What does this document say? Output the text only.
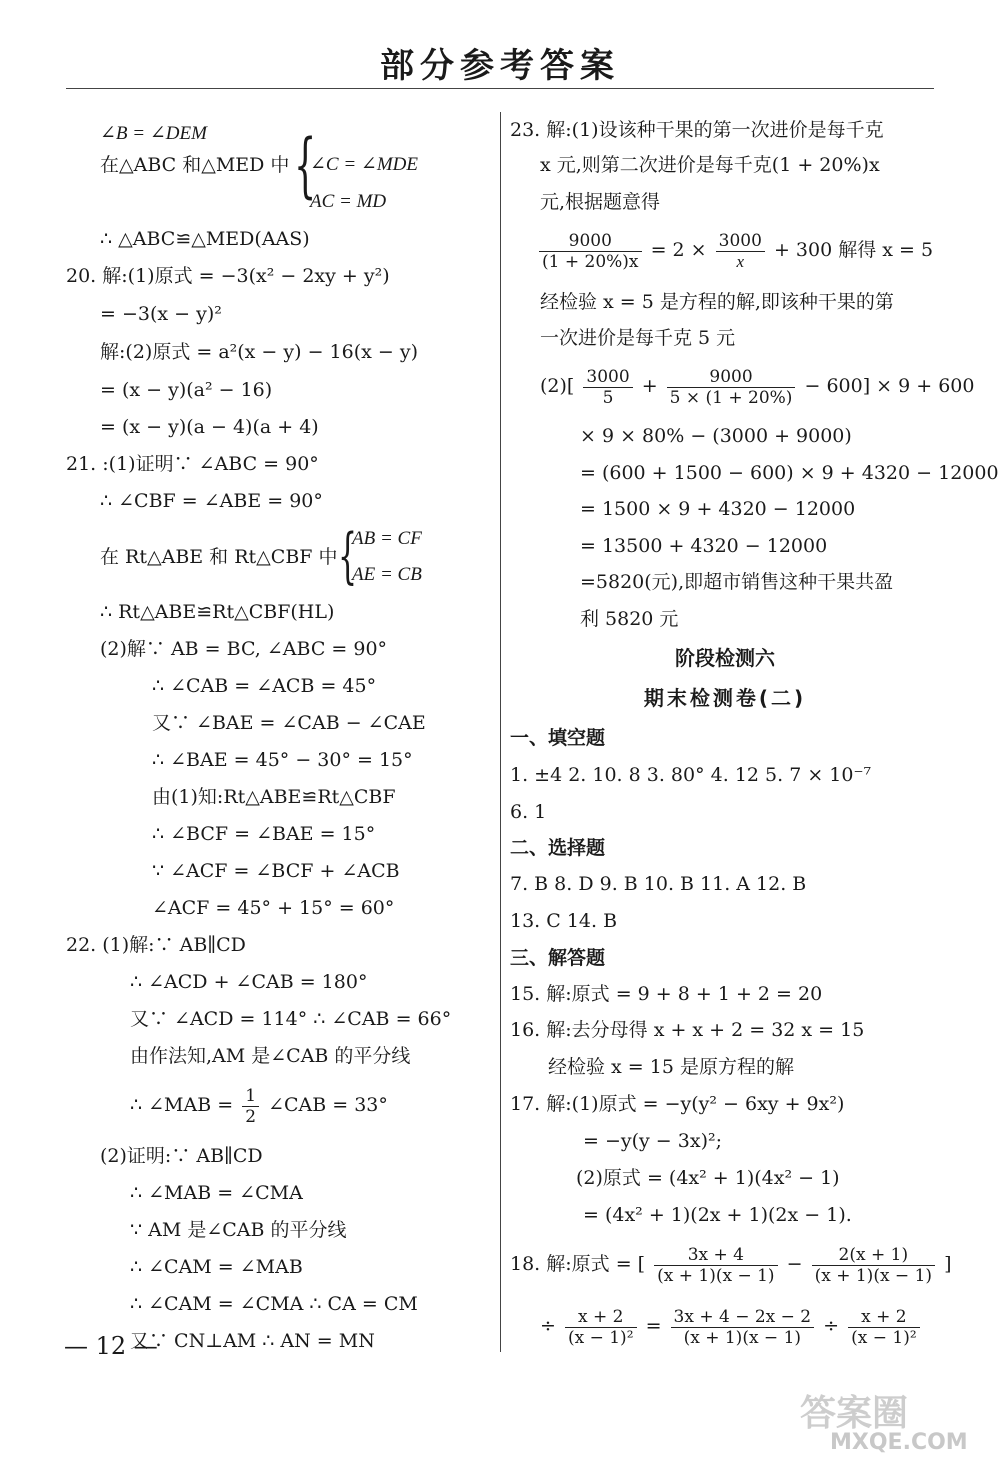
部分参考答案
∠B = ∠DEM
在△ABC 和△MED 中 {
∠C = ∠MDE
AC = MD
∴ △ABC≌△MED(AAS)
20. 解:(1)原式 = −3(x² − 2xy + y²)
= −3(x − y)²
解:(2)原式 = a²(x − y) − 16(x − y)
= (x − y)(a² − 16)
= (x − y)(a − 4)(a + 4)
21. :(1)证明∵ ∠ABC = 90°
∴ ∠CBF = ∠ABE = 90°
在 Rt△ABE 和 Rt△CBF 中 {
AB = CF
AE = CB
∴ Rt△ABE≌Rt△CBF(HL)
(2)解∵ AB = BC, ∠ABC = 90°
∴ ∠CAB = ∠ACB = 45°
又∵ ∠BAE = ∠CAB − ∠CAE
∴ ∠BAE = 45° − 30° = 15°
由(1)知:Rt△ABE≌Rt△CBF
∴ ∠BCF = ∠BAE = 15°
∵ ∠ACF = ∠BCF + ∠ACB
∠ACF = 45° + 15° = 60°
22. (1)解:∵ AB∥CD
∴ ∠ACD + ∠CAB = 180°
又∵ ∠ACD = 114° ∴ ∠CAB = 66°
由作法知,AM 是∠CAB 的平分线
∴ ∠MAB = $\frac{1}{2}$ ∠CAB = 33°
(2)证明:∵ AB∥CD
∴ ∠MAB = ∠CMA
∵ AM 是∠CAB 的平分线
∴ ∠CAM = ∠MAB
∴ ∠CAM = ∠CMA ∴ CA = CM
又∵ CN⊥AM ∴ AN = MN
23. 解:(1)设该种干果的第一次进价是每千克
x 元,则第二次进价是每千克(1 + 20%)x
元,根据题意得
$\frac{9000}{(1 + 20\%)x} = 2 \times \frac{3000}{x} + 300$ 解得 x = 5
经检验 x = 5 是方程的解,即该种干果的第
一次进价是每千克 5 元
$(2)[ \frac{3000}{5} + \frac{9000}{5 \times (1 + 20\%)} - 600] \times 9 + 600$
× 9 × 80% − (3000 + 9000)
= (600 + 1500 − 600) × 9 + 4320 − 12000
= 1500 × 9 + 4320 − 12000
= 13500 + 4320 − 12000
=5820(元),即超市销售这种干果共盈
利 5820 元
阶段检测六
期末检测卷(二)
一、填空题
1. ±4 2. 10. 8 3. 80° 4. 12 5. 7 × 10⁻⁷
6. 1
二、选择题
7. B 8. D 9. B 10. B 11. A 12. B
13. C 14. B
三、解答题
15. 解:原式 = 9 + 8 + 1 + 2 = 20
16. 解:去分母得 x + x + 2 = 32 x = 15
经检验 x = 15 是原方程的解
17. 解:(1)原式 = −y(y² − 6xy + 9x²)
= −y(y − 3x)²;
(2)原式 = (4x² + 1)(4x² − 1)
= (4x² + 1)(2x + 1)(2x − 1).
18. 解:原式 = [ $\frac{3x + 4}{(x + 1)(x - 1)} - \frac{2(x + 1)}{(x + 1)(x - 1)}$ ]
÷ $\frac{x + 2}{\text{(x − 1)²}} = \frac{3x + 4 - 2x - 2}{(x + 1)(x - 1)} \div \frac{x + 2}{\text{(x − 1)²}}$
— 12 —
答案圈
MXQE.COM
